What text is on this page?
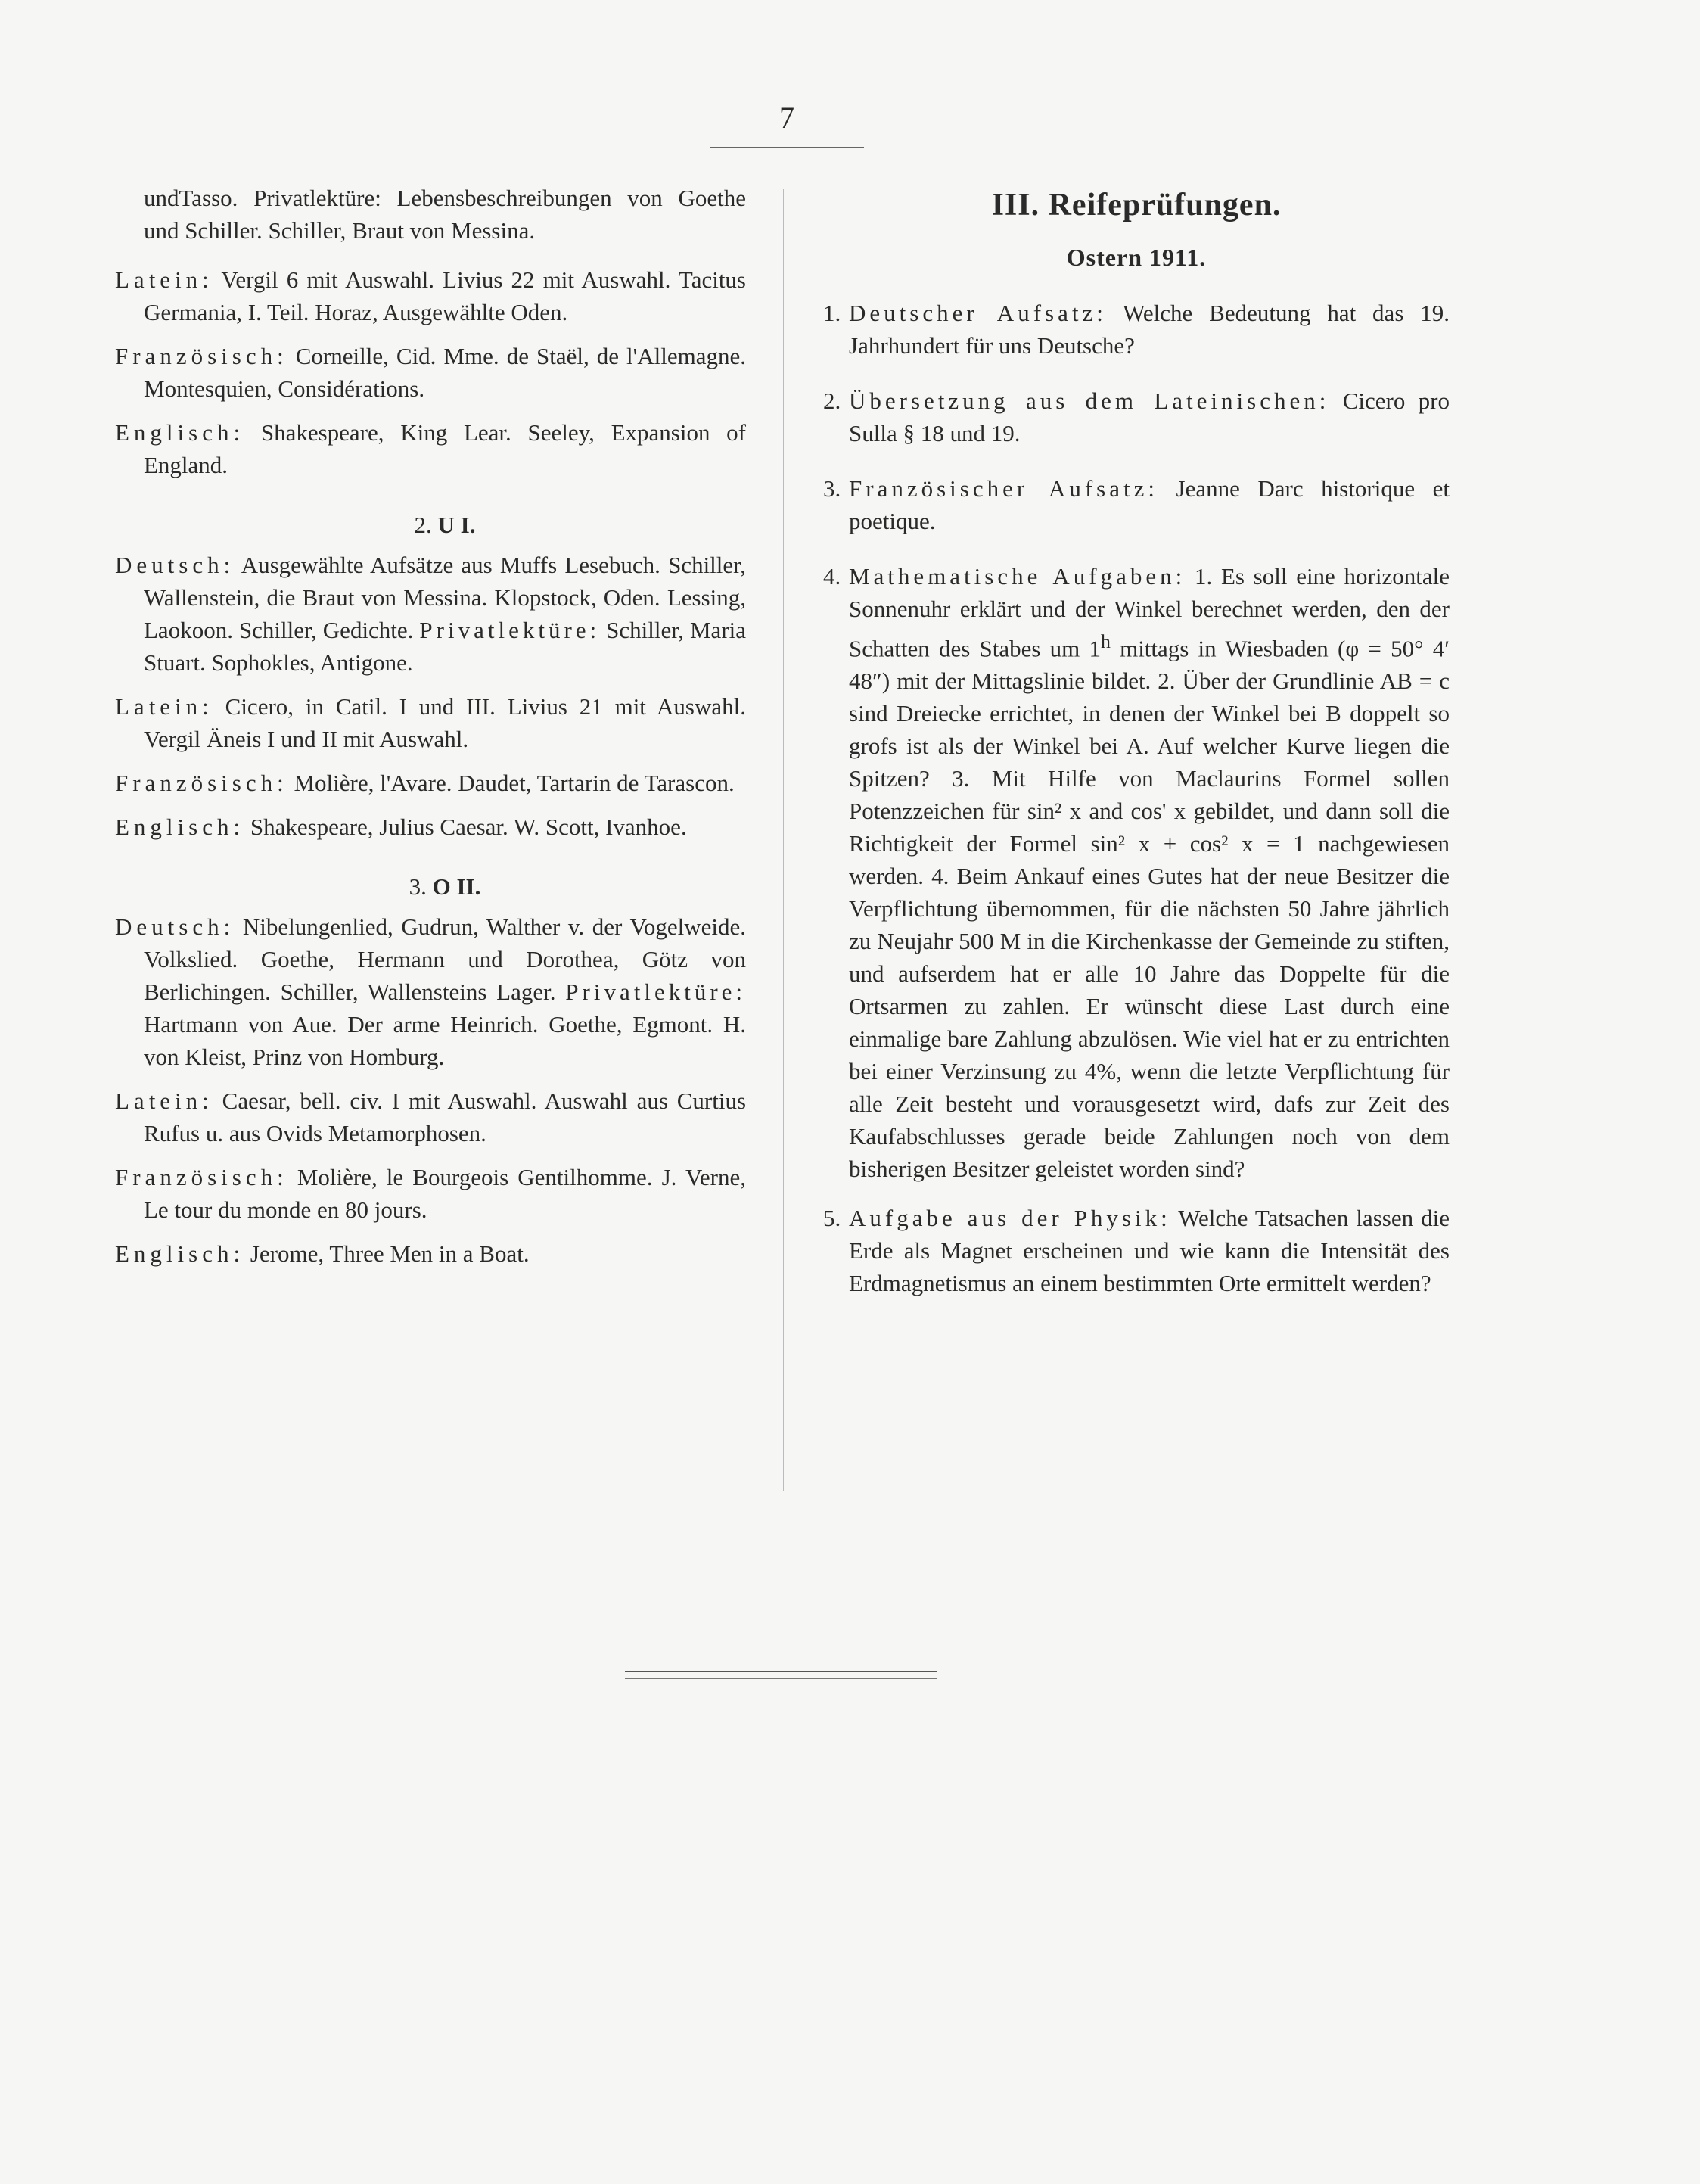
7

undTasso. Privatlektüre: Lebensbeschreibungen von Goethe und Schiller. Schiller, Braut von Messina.

Latein: Vergil 6 mit Auswahl. Livius 22 mit Auswahl. Tacitus Germania, I. Teil. Horaz, Ausgewählte Oden.

Französisch: Corneille, Cid. Mme. de Staël, de l'Allemagne. Montesquien, Considérations.

Englisch: Shakespeare, King Lear. Seeley, Expansion of England.

2. U I.

Deutsch: Ausgewählte Aufsätze aus Muffs Lesebuch. Schiller, Wallenstein, die Braut von Messina. Klopstock, Oden. Lessing, Laokoon. Schiller, Gedichte. Privatlektüre: Schiller, Maria Stuart. Sophokles, Antigone.

Latein: Cicero, in Catil. I und III. Livius 21 mit Auswahl. Vergil Äneis I und II mit Auswahl.

Französisch: Molière, l'Avare. Daudet, Tartarin de Tarascon.

Englisch: Shakespeare, Julius Caesar. W. Scott, Ivanhoe.

3. O II.

Deutsch: Nibelungenlied, Gudrun, Walther v. der Vogelweide. Volkslied. Goethe, Hermann und Dorothea, Götz von Berlichingen. Schiller, Wallensteins Lager. Privatlektüre: Hartmann von Aue. Der arme Heinrich. Goethe, Egmont. H. von Kleist, Prinz von Homburg.

Latein: Caesar, bell. civ. I mit Auswahl. Auswahl aus Curtius Rufus u. aus Ovids Metamorphosen.

Französisch: Molière, le Bourgeois Gentilhomme. J. Verne, Le tour du monde en 80 jours.

Englisch: Jerome, Three Men in a Boat.

III. Reifeprüfungen.
Ostern 1911.

1. Deutscher Aufsatz: Welche Bedeutung hat das 19. Jahrhundert für uns Deutsche?

2. Übersetzung aus dem Lateinischen: Cicero pro Sulla § 18 und 19.

3. Französischer Aufsatz: Jeanne Darc historique et poetique.

4. Mathematische Aufgaben: 1. Es soll eine horizontale Sonnenuhr erklärt und der Winkel berechnet werden, den der Schatten des Stabes um 1$^h$ mittags in Wiesbaden (φ = 50° 4′ 48″) mit der Mittagslinie bildet. 2. Über der Grundlinie AB = c sind Dreiecke errichtet, in denen der Winkel bei B doppelt so grofs ist als der Winkel bei A. Auf welcher Kurve liegen die Spitzen? 3. Mit Hilfe von Maclaurins Formel sollen Potenzzeichen für sin² x and cos' x gebildet, und dann soll die Richtigkeit der Formel sin² x + cos² x = 1 nachgewiesen werden. 4. Beim Ankauf eines Gutes hat der neue Besitzer die Verpflichtung übernommen, für die nächsten 50 Jahre jährlich zu Neujahr 500 M in die Kirchenkasse der Gemeinde zu stiften, und aufserdem hat er alle 10 Jahre das Doppelte für die Ortsarmen zu zahlen. Er wünscht diese Last durch eine einmalige bare Zahlung abzulösen. Wie viel hat er zu entrichten bei einer Verzinsung zu 4%, wenn die letzte Verpflichtung für alle Zeit besteht und vorausgesetzt wird, dafs zur Zeit des Kaufabschlusses gerade beide Zahlungen noch von dem bisherigen Besitzer geleistet worden sind?

5. Aufgabe aus der Physik: Welche Tatsachen lassen die Erde als Magnet erscheinen und wie kann die Intensität des Erdmagnetismus an einem bestimmten Orte ermittelt werden?
